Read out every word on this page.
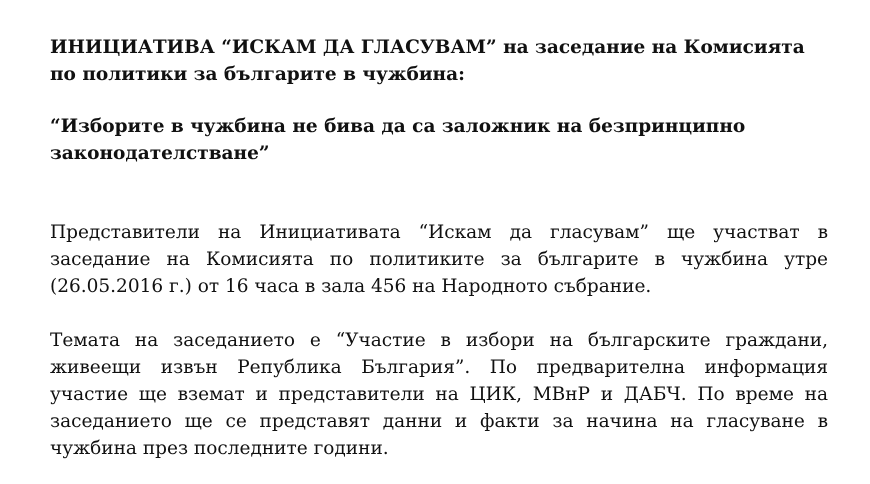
ИНИЦИАТИВА “ИСКАМ ДА ГЛАСУВАМ” на заседание на Комисията по политики за българите в чужбина:

“Изборите в чужбина не бива да са заложник на безпринципно законодателстване”

Представители на Инициативата “Искам да гласувам” ще участват в заседание на Комисията по политиките за българите в чужбина утре (26.05.2016 г.) от 16 часа в зала 456 на Народното събрание.

Темата на заседанието е “Участие в избори на българските граждани, живеещи извън Република България”. По предварителна информация участие ще вземат и представители на ЦИК, МВнР и ДАБЧ. По време на заседанието ще се представят данни и факти за начина на гласуване в чужбина през последните години.
